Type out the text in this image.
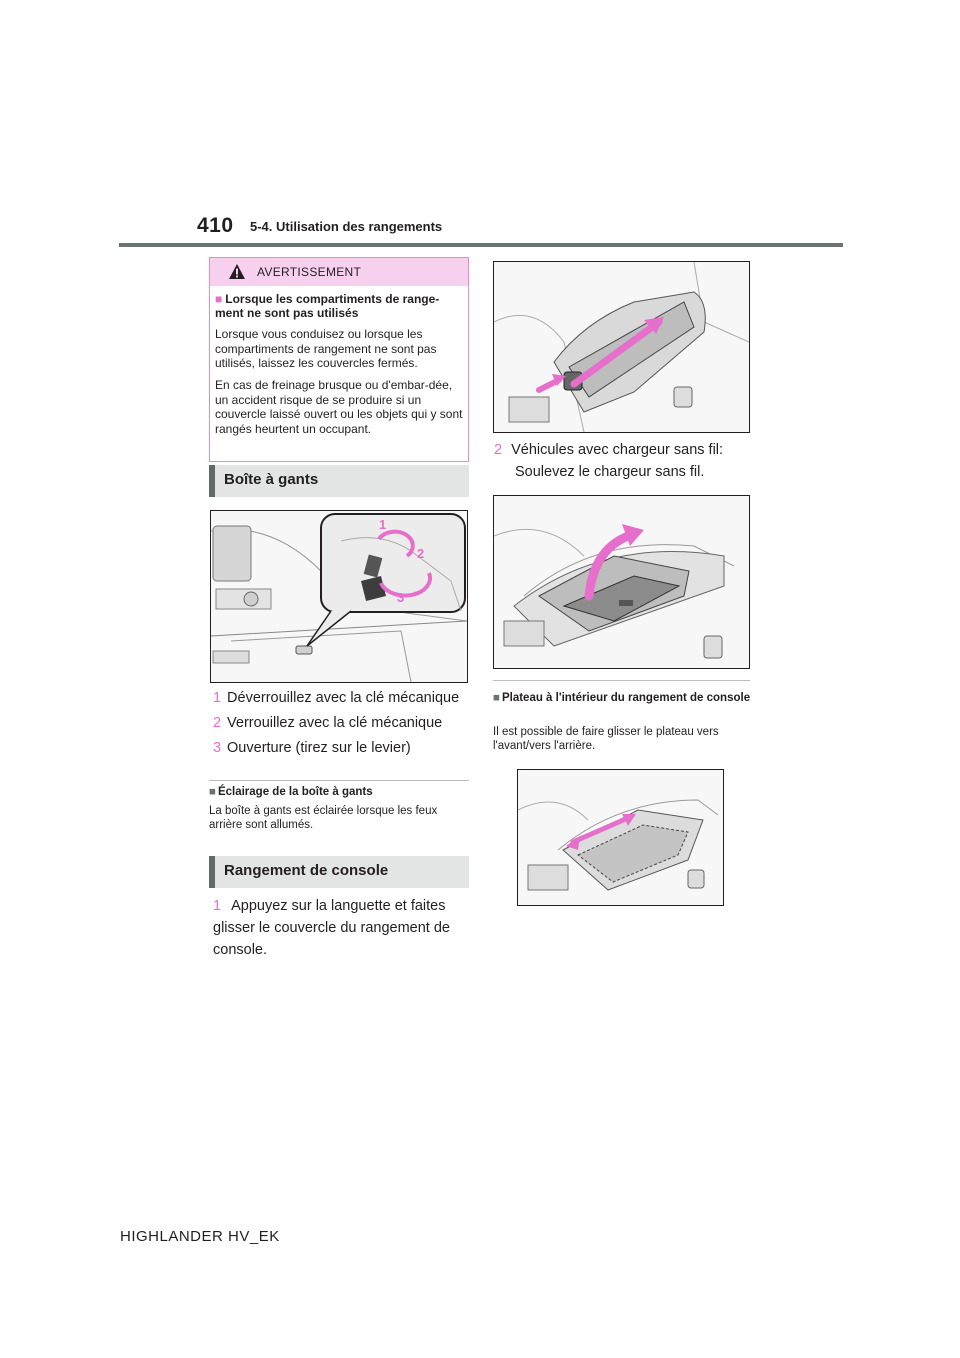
410 5-4. Utilisation des rangements
AVERTISSEMENT
■ Lorsque les compartiments de range-ment ne sont pas utilisés
Lorsque vous conduisez ou lorsque les compartiments de rangement ne sont pas utilisés, laissez les couvercles fermés.
En cas de freinage brusque ou d'embar-dée, un accident risque de se produire si un couvercle laissé ouvert ou les objets qui y sont rangés heurtent un occupant.
Boîte à gants
1
2
3
1 Déverrouillez avec la clé mécanique
2 Verrouillez avec la clé mécanique
3 Ouverture (tirez sur le levier)
■ Éclairage de la boîte à gants
La boîte à gants est éclairée lorsque les feux arrière sont allumés.
Rangement de console
1 Appuyez sur la languette et faites glisser le couvercle du rangement de console.
2 Véhicules avec chargeur sans fil:
Soulevez le chargeur sans fil.
■ Plateau à l'intérieur du rangement de console
Il est possible de faire glisser le plateau vers l'avant/vers l'arrière.
HIGHLANDER HV_EK
